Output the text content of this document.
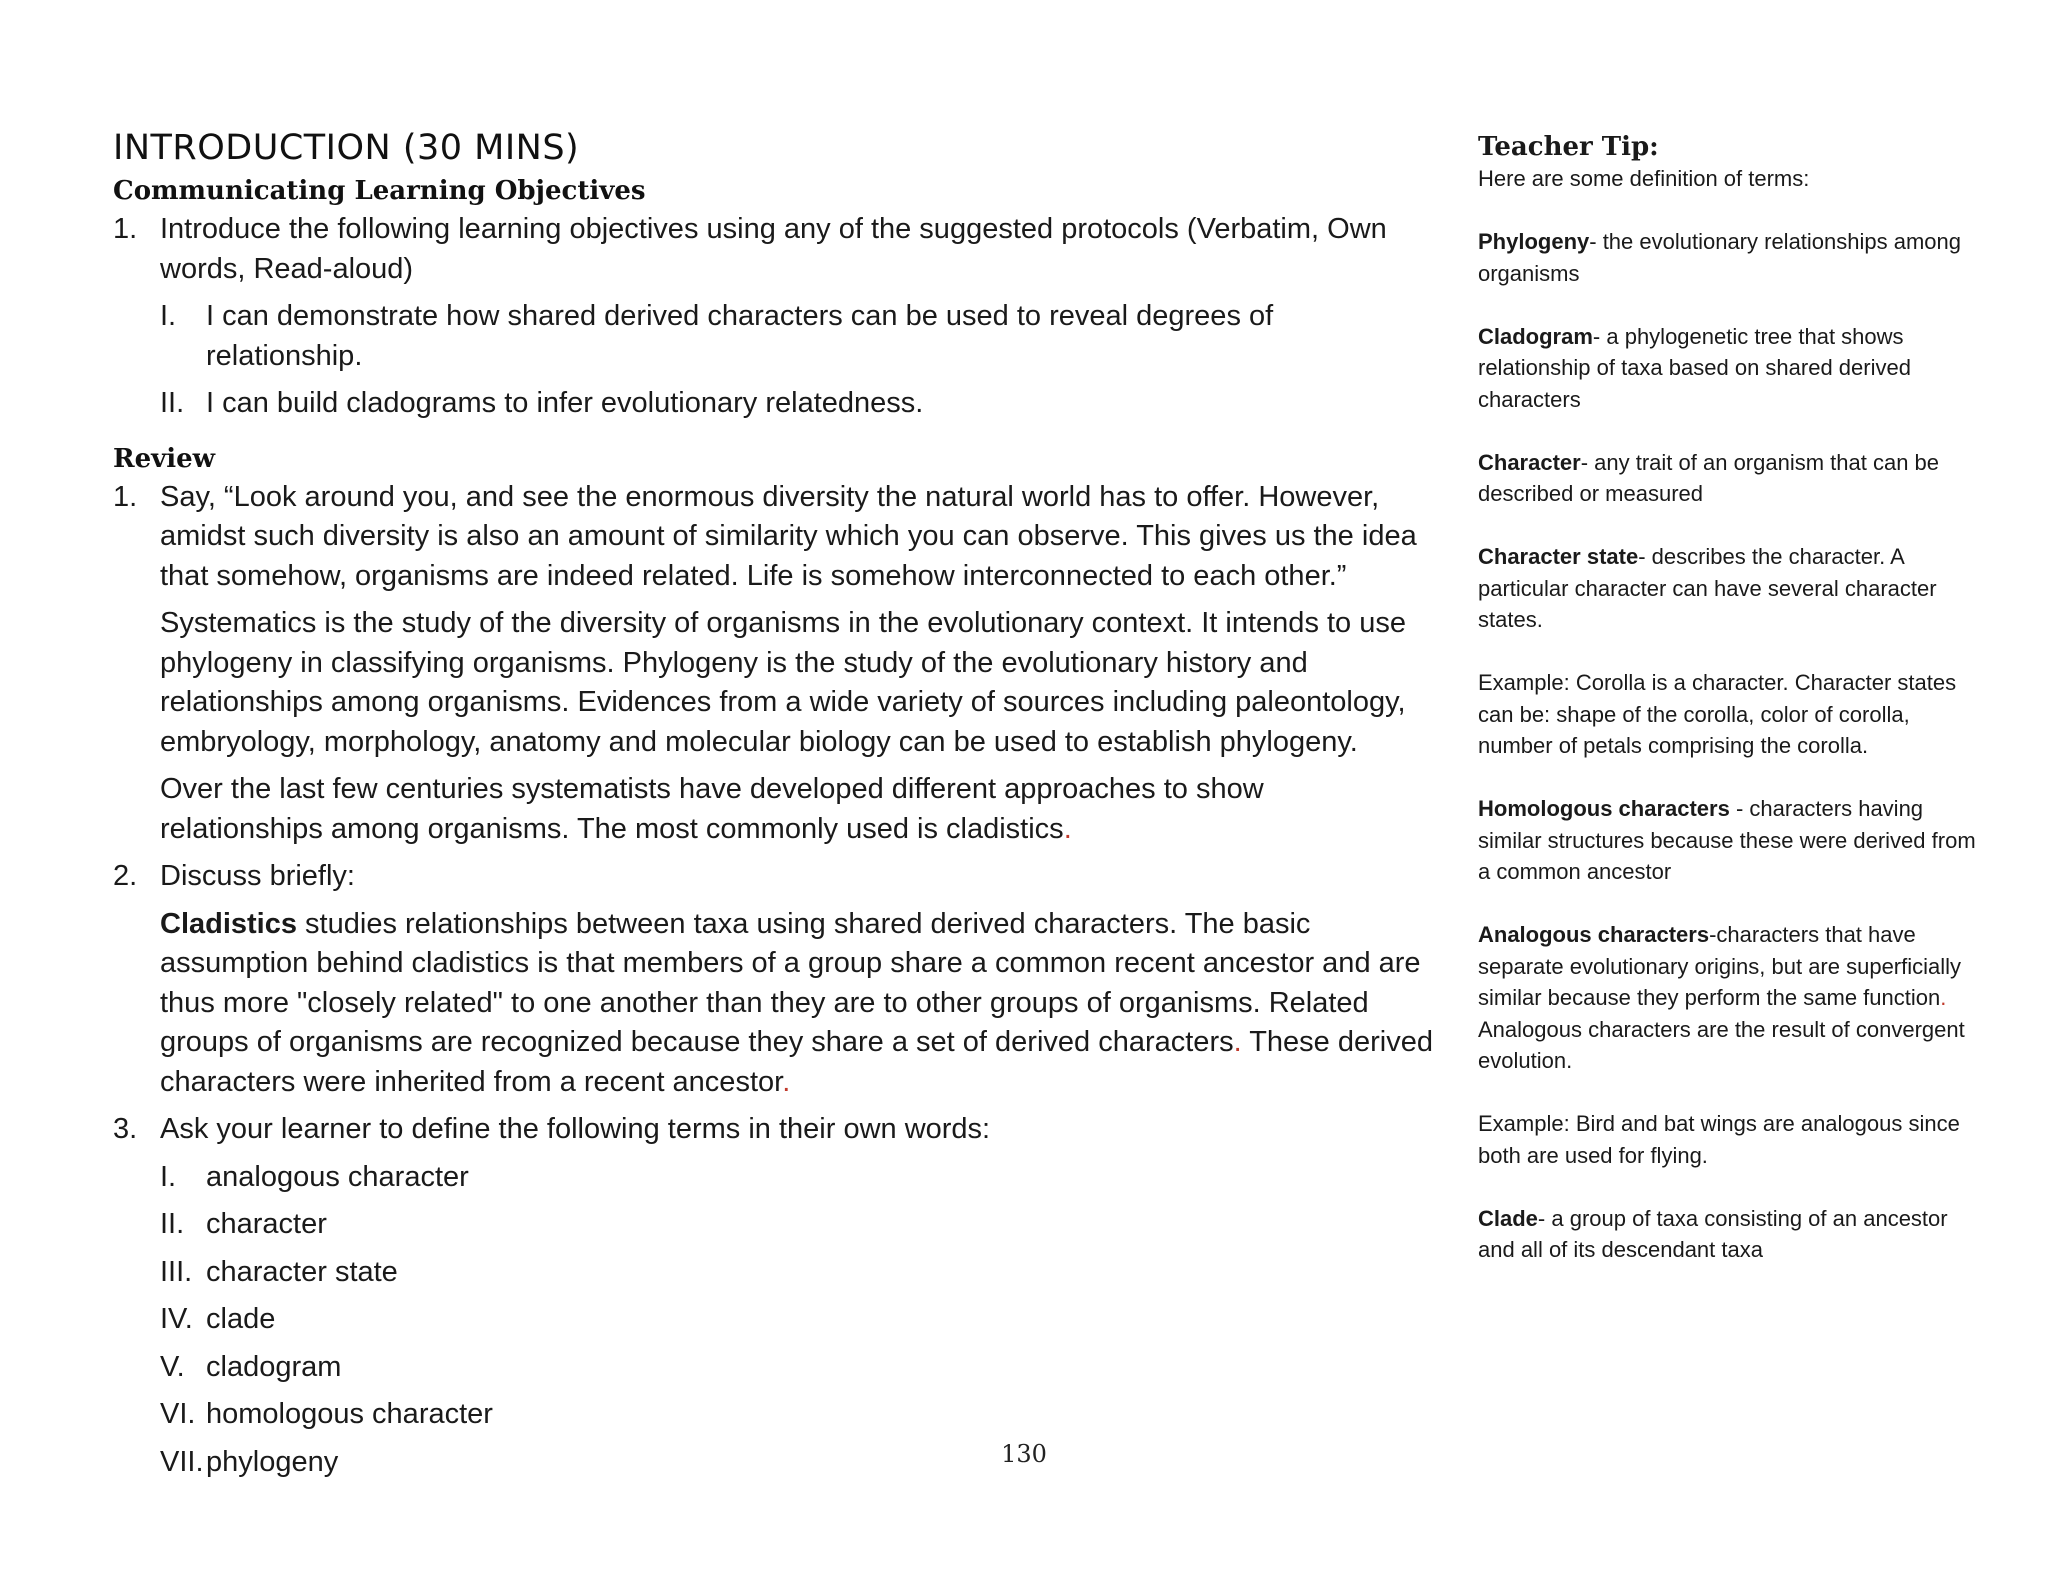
INTRODUCTION (30 MINS)
Communicating Learning Objectives

1. Introduce the following learning objectives using any of the suggested protocols (Verbatim, Own words, Read-aloud)

I. I can demonstrate how shared derived characters can be used to reveal degrees of relationship.

II. I can build cladograms to infer evolutionary relatedness.

Review

1. Say, “Look around you, and see the enormous diversity the natural world has to offer. However, amidst such diversity is also an amount of similarity which you can observe. This gives us the idea that somehow, organisms are indeed related. Life is somehow interconnected to each other.”

Systematics is the study of the diversity of organisms in the evolutionary context. It intends to use phylogeny in classifying organisms. Phylogeny is the study of the evolutionary history and relationships among organisms. Evidences from a wide variety of sources including paleontology, embryology, morphology, anatomy and molecular biology can be used to establish phylogeny.

Over the last few centuries systematists have developed different approaches to show relationships among organisms. The most commonly used is cladistics.

2. Discuss briefly:

Cladistics studies relationships between taxa using shared derived characters. The basic assumption behind cladistics is that members of a group share a common recent ancestor and are thus more "closely related" to one another than they are to other groups of organisms. Related groups of organisms are recognized because they share a set of derived characters. These derived characters were inherited from a recent ancestor.

3. Ask your learner to define the following terms in their own words:

I. analogous character

II. character

III. character state

IV. clade

V. cladogram

VI. homologous character

VII. phylogeny

Teacher Tip:

Here are some definition of terms:

Phylogeny- the evolutionary relationships among organisms

Cladogram- a phylogenetic tree that shows relationship of taxa based on shared derived characters

Character- any trait of an organism that can be described or measured

Character state- describes the character. A particular character can have several character states.

Example: Corolla is a character. Character states can be: shape of the corolla, color of corolla, number of petals comprising the corolla.

Homologous characters - characters having similar structures because these were derived from a common ancestor

Analogous characters-characters that have separate evolutionary origins, but are superficially similar because they perform the same function. Analogous characters are the result of convergent evolution.

Example: Bird and bat wings are analogous since both are used for flying.

Clade- a group of taxa consisting of an ancestor and all of its descendant taxa

130
